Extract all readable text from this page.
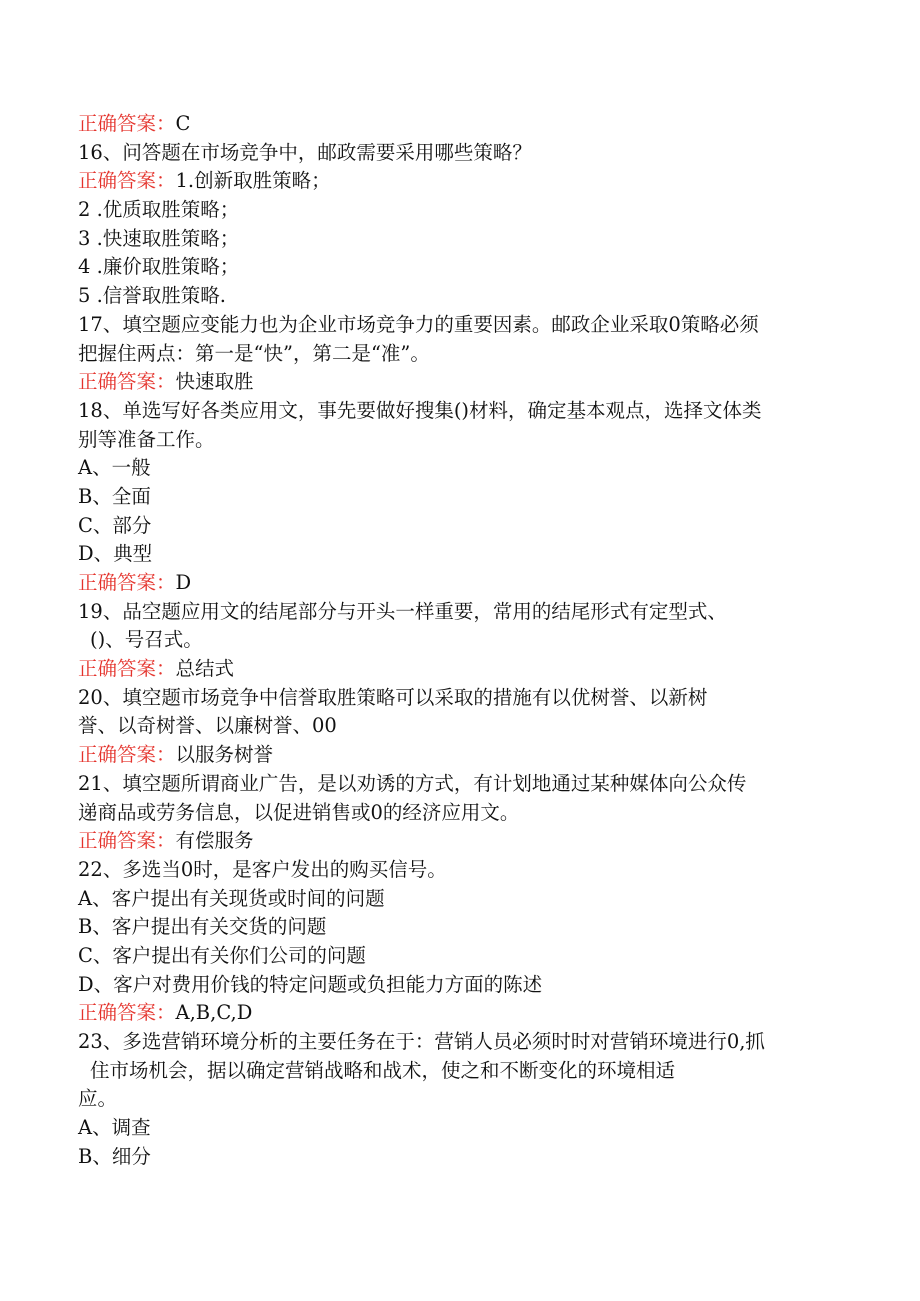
正确答案：C
16、问答题在市场竞争中，邮政需要采用哪些策略？
正确答案：1.创新取胜策略；
2 .优质取胜策略；
3 .快速取胜策略；
4 .廉价取胜策略；
5 .信誉取胜策略.
17、填空题应变能力也为企业市场竞争力的重要因素。邮政企业采取0策略必须
把握住两点：第一是“快”，第二是“准”。
正确答案：快速取胜
18、单选写好各类应用文，事先要做好搜集()材料，确定基本观点，选择文体类
别等准备工作。
A、一般
B、全面
C、部分
D、典型
正确答案：D
19、品空题应用文的结尾部分与开头一样重要，常用的结尾形式有定型式、
()、号召式。
正确答案：总结式
20、填空题市场竞争中信誉取胜策略可以采取的措施有以优树誉、以新树
誉、以奇树誉、以廉树誉、00
正确答案：以服务树誉
21、填空题所谓商业广告，是以劝诱的方式，有计划地通过某种媒体向公众传
递商品或劳务信息，以促进销售或0的经济应用文。
正确答案：有偿服务
22、多选当0时，是客户发出的购买信号。
A、客户提出有关现货或时间的问题
B、客户提出有关交货的问题
C、客户提出有关你们公司的问题
D、客户对费用价钱的特定问题或负担能力方面的陈述
正确答案：A,B,C,D
23、多选营销环境分析的主要任务在于：营销人员必须时时对营销环境进行0,抓
住市场机会，据以确定营销战略和战术，使之和不断变化的环境相适
应。
A、调查
B、细分
